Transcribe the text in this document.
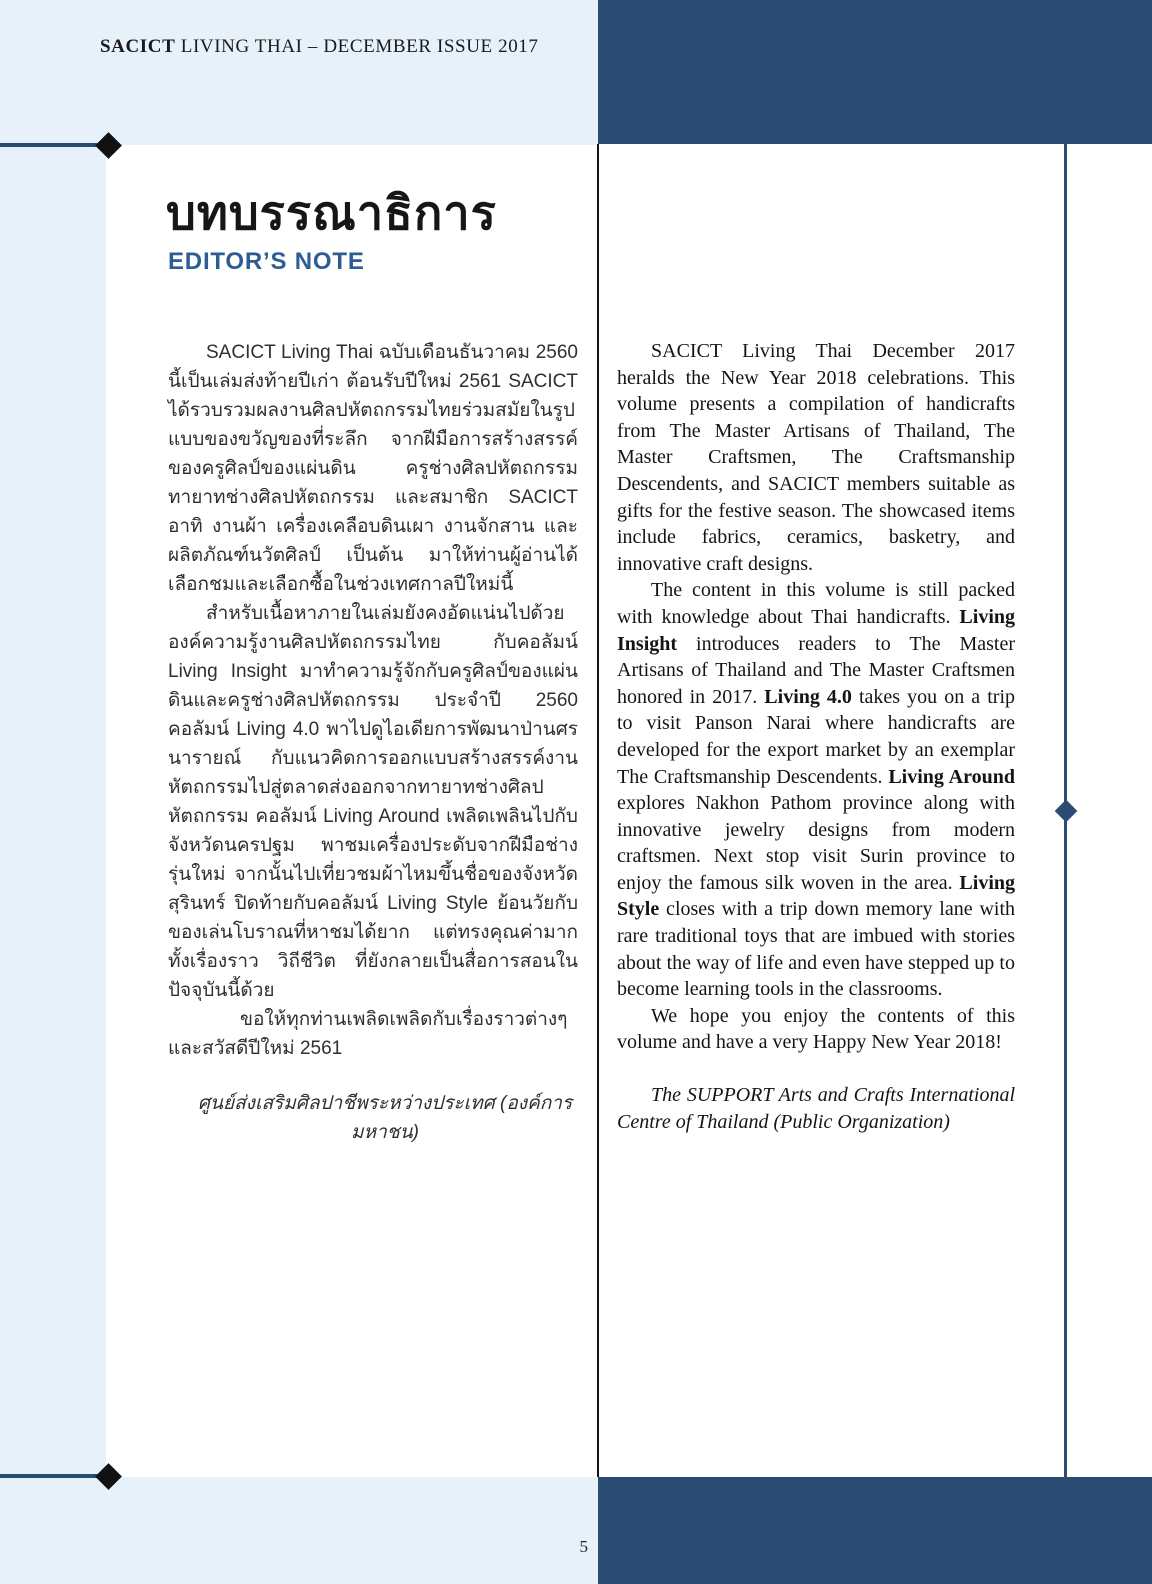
SACICT LIVING THAI – DECEMBER ISSUE 2017
บทบรรณาธิการ
EDITOR’S NOTE

SACICT Living Thai ฉบับเดือนธันวาคม 2560 นี้เป็นเล่มส่งท้ายปีเก่า ต้อนรับปีใหม่ 2561 SACICT ได้รวบรวมผลงานศิลปหัตถกรรมไทยร่วมสมัยในรูปแบบของขวัญของที่ระลึก จากฝีมือการสร้างสรรค์ของครูศิลป์ของแผ่นดิน ครูช่างศิลปหัตถกรรม ทายาทช่างศิลปหัตถกรรม และสมาชิก SACICT อาทิ งานผ้า เครื่องเคลือบดินเผา งานจักสาน และผลิตภัณฑ์นวัตศิลป์ เป็นต้น มาให้ท่านผู้อ่านได้เลือกชมและเลือกซื้อในช่วงเทศกาลปีใหม่นี้

สำหรับเนื้อหาภายในเล่มยังคงอัดแน่นไปด้วยองค์ความรู้งานศิลปหัตถกรรมไทย กับคอลัมน์ Living Insight มาทำความรู้จักกับครูศิลป์ของแผ่นดินและครูช่างศิลปหัตถกรรม ประจำปี 2560 คอลัมน์ Living 4.0 พาไปดูไอเดียการพัฒนาป่านศรนารายณ์ กับแนวคิดการออกแบบสร้างสรรค์งานหัตถกรรมไปสู่ตลาดส่งออกจากทายาทช่างศิลปหัตถกรรม คอลัมน์ Living Around เพลิดเพลินไปกับจังหวัดนครปฐม พาชมเครื่องประดับจากฝีมือช่างรุ่นใหม่ จากนั้นไปเที่ยวชมผ้าไหมขึ้นชื่อของจังหวัดสุรินทร์ ปิดท้ายกับคอลัมน์ Living Style ย้อนวัยกับของเล่นโบราณที่หาชมได้ยาก แต่ทรงคุณค่ามากทั้งเรื่องราว วิถีชีวิต ที่ยังกลายเป็นสื่อการสอนในปัจจุบันนี้ด้วย

ขอให้ทุกท่านเพลิดเพลิดกับเรื่องราวต่างๆ และสวัสดีปีใหม่ 2561

ศูนย์ส่งเสริมศิลปาชีพระหว่างประเทศ (องค์การมหาชน)

SACICT Living Thai December 2017 heralds the New Year 2018 celebrations. This volume presents a compilation of handicrafts from The Master Artisans of Thailand, The Master Craftsmen, The Craftsmanship Descendents, and SACICT members suitable as gifts for the festive season. The showcased items include fabrics, ceramics, basketry, and innovative craft designs.

The content in this volume is still packed with knowledge about Thai handicrafts. Living Insight introduces readers to The Master Artisans of Thailand and The Master Craftsmen honored in 2017. Living 4.0 takes you on a trip to visit Panson Narai where handicrafts are developed for the export market by an exemplar The Craftsmanship Descendents. Living Around explores Nakhon Pathom province along with innovative jewelry designs from modern craftsmen. Next stop visit Surin province to enjoy the famous silk woven in the area. Living Style closes with a trip down memory lane with rare traditional toys that are imbued with stories about the way of life and even have stepped up to become learning tools in the classrooms.

We hope you enjoy the contents of this volume and have a very Happy New Year 2018!

The SUPPORT Arts and Crafts International Centre of Thailand (Public Organization)
5
